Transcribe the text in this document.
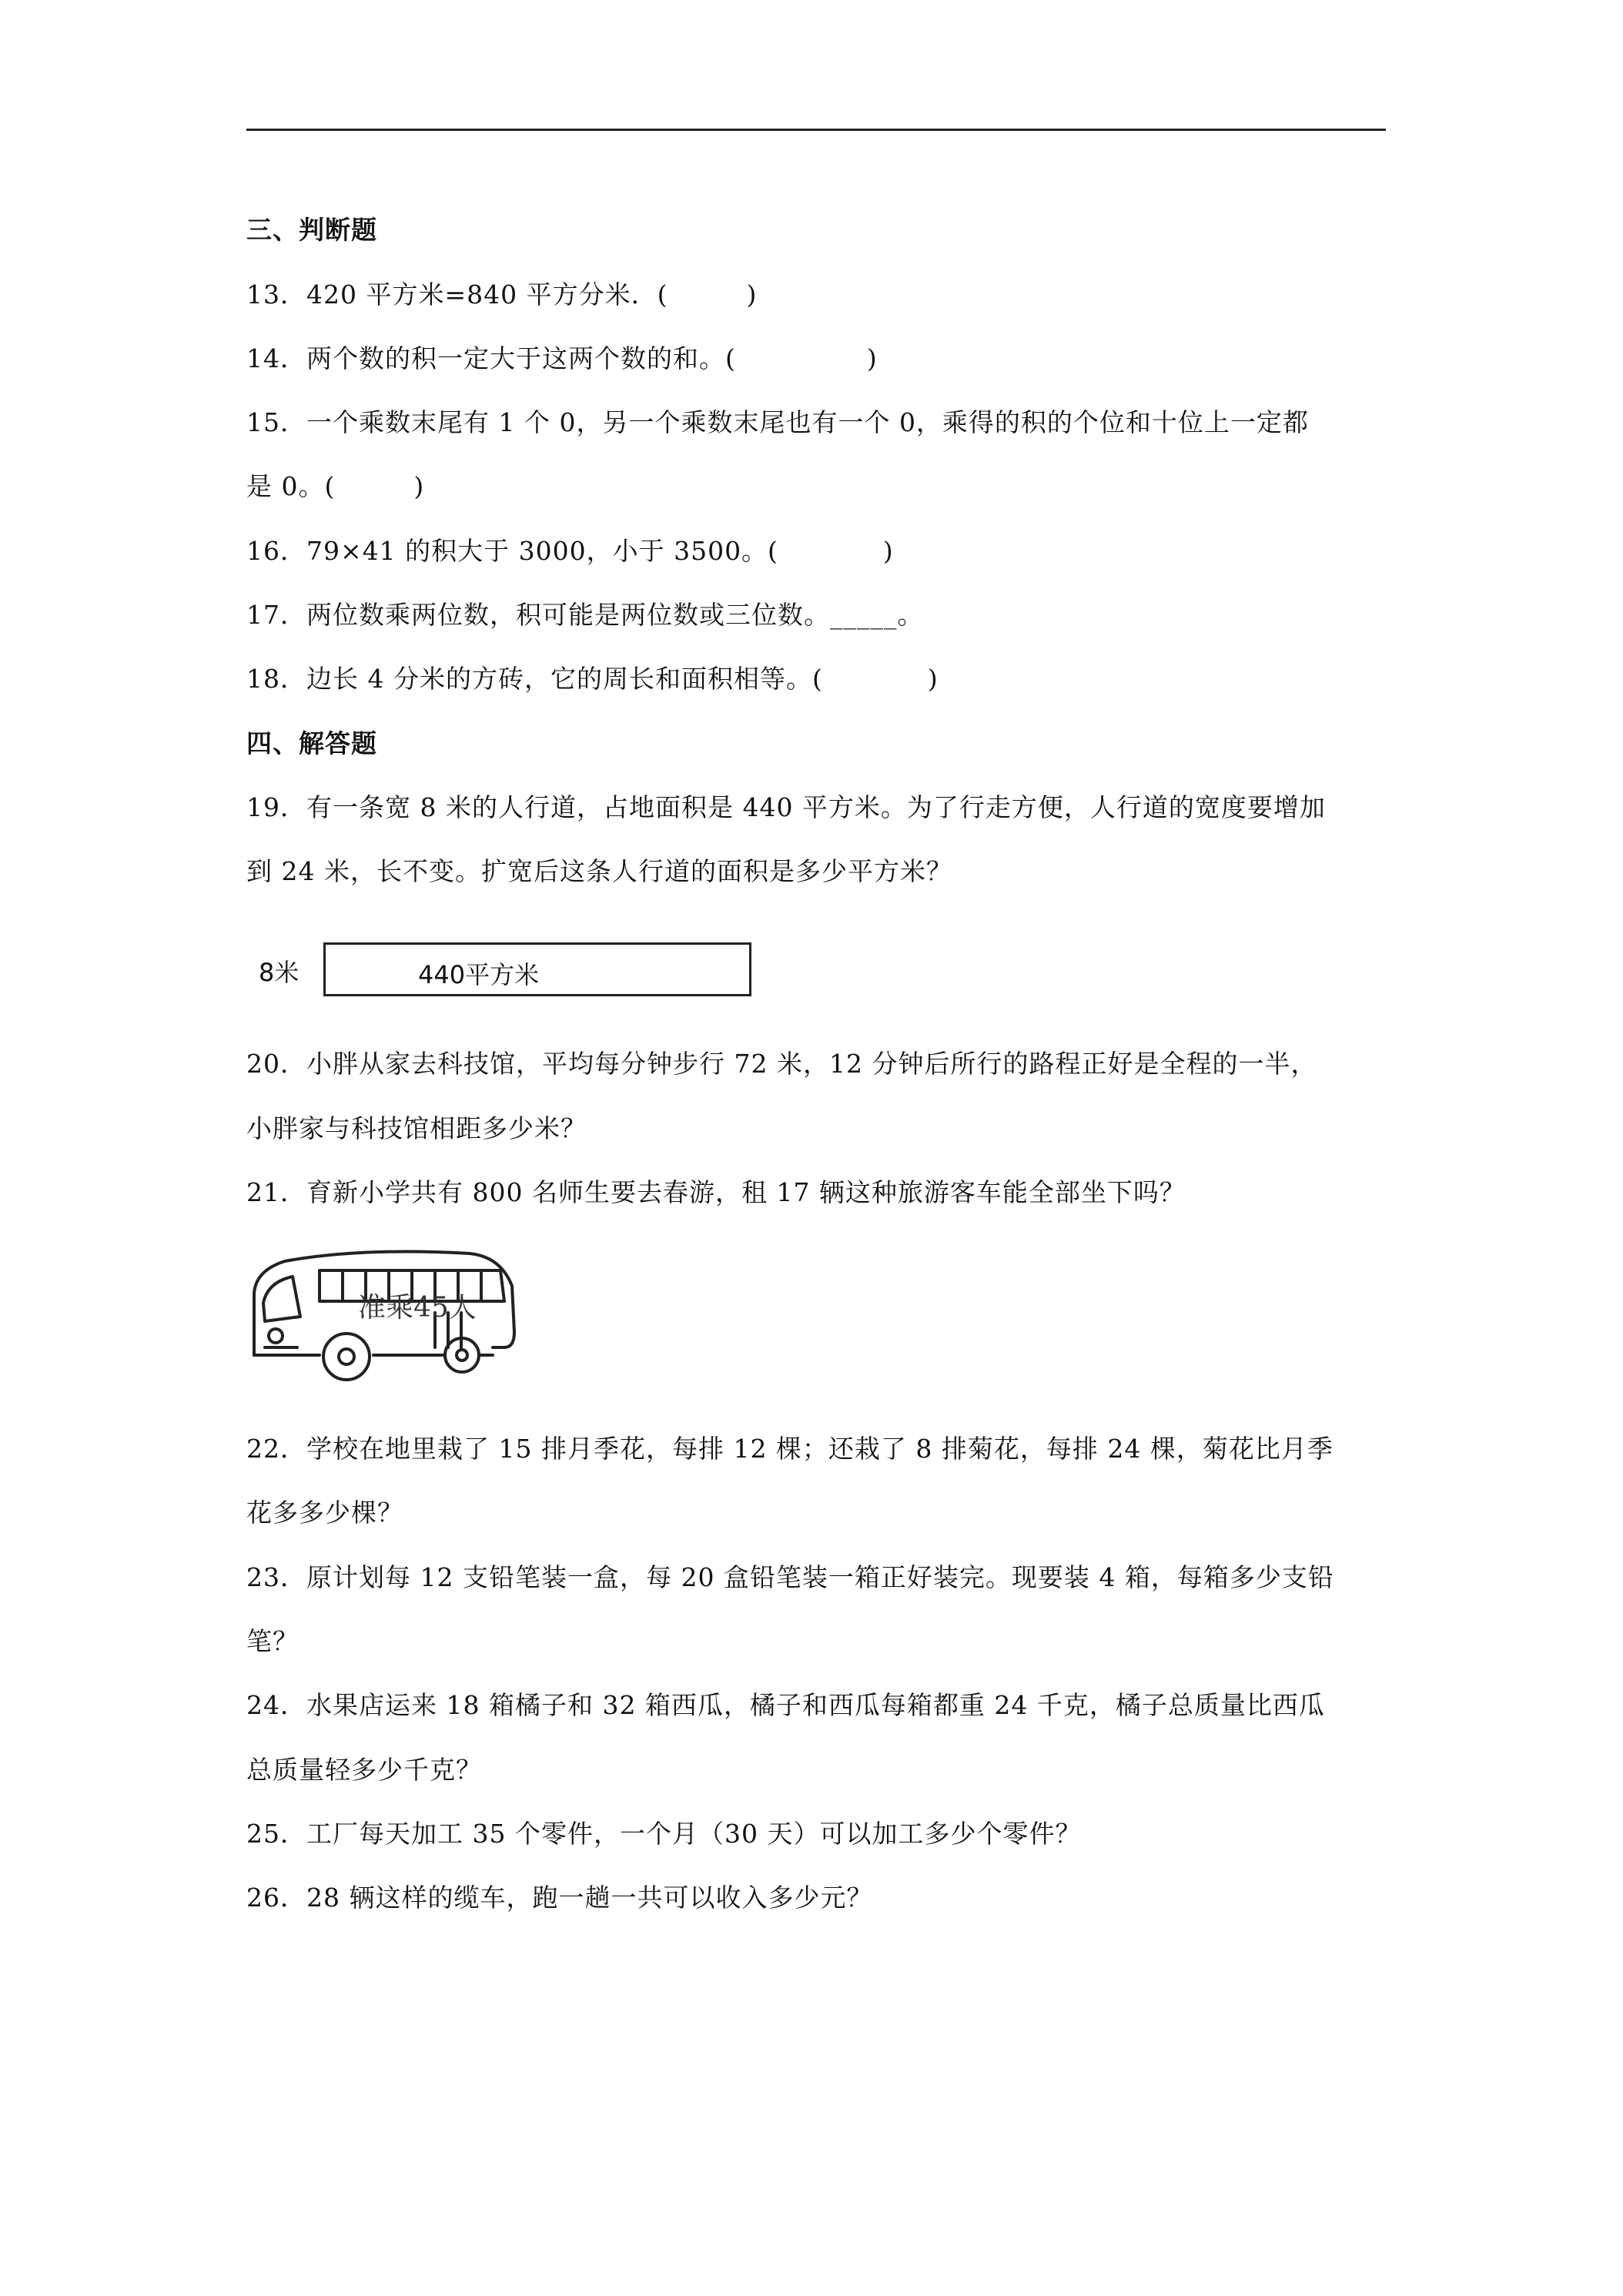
三、判断题
13．420 平方米=840 平方分米．(　　　)
14．两个数的积一定大于这两个数的和。(　　　　　)
15．一个乘数末尾有 1 个 0，另一个乘数末尾也有一个 0，乘得的积的个位和十位上一定都
是 0。(　　　)
16．79×41 的积大于 3000，小于 3500。(　　　　)
17．两位数乘两位数，积可能是两位数或三位数。_____。
18．边长 4 分米的方砖，它的周长和面积相等。(　　　　)
四、解答题
19．有一条宽 8 米的人行道，占地面积是 440 平方米。为了行走方便，人行道的宽度要增加
到 24 米，长不变。扩宽后这条人行道的面积是多少平方米？
8米	440平方米
20．小胖从家去科技馆，平均每分钟步行 72 米，12 分钟后所行的路程正好是全程的一半，
小胖家与科技馆相距多少米？
21．育新小学共有 800 名师生要去春游，租 17 辆这种旅游客车能全部坐下吗？
准乘45人
22．学校在地里栽了 15 排月季花，每排 12 棵；还栽了 8 排菊花，每排 24 棵，菊花比月季
花多多少棵？
23．原计划每 12 支铅笔装一盒，每 20 盒铅笔装一箱正好装完。现要装 4 箱，每箱多少支铅
笔？
24．水果店运来 18 箱橘子和 32 箱西瓜，橘子和西瓜每箱都重 24 千克，橘子总质量比西瓜
总质量轻多少千克？
25．工厂每天加工 35 个零件，一个月（30 天）可以加工多少个零件？
26．28 辆这样的缆车，跑一趟一共可以收入多少元？
